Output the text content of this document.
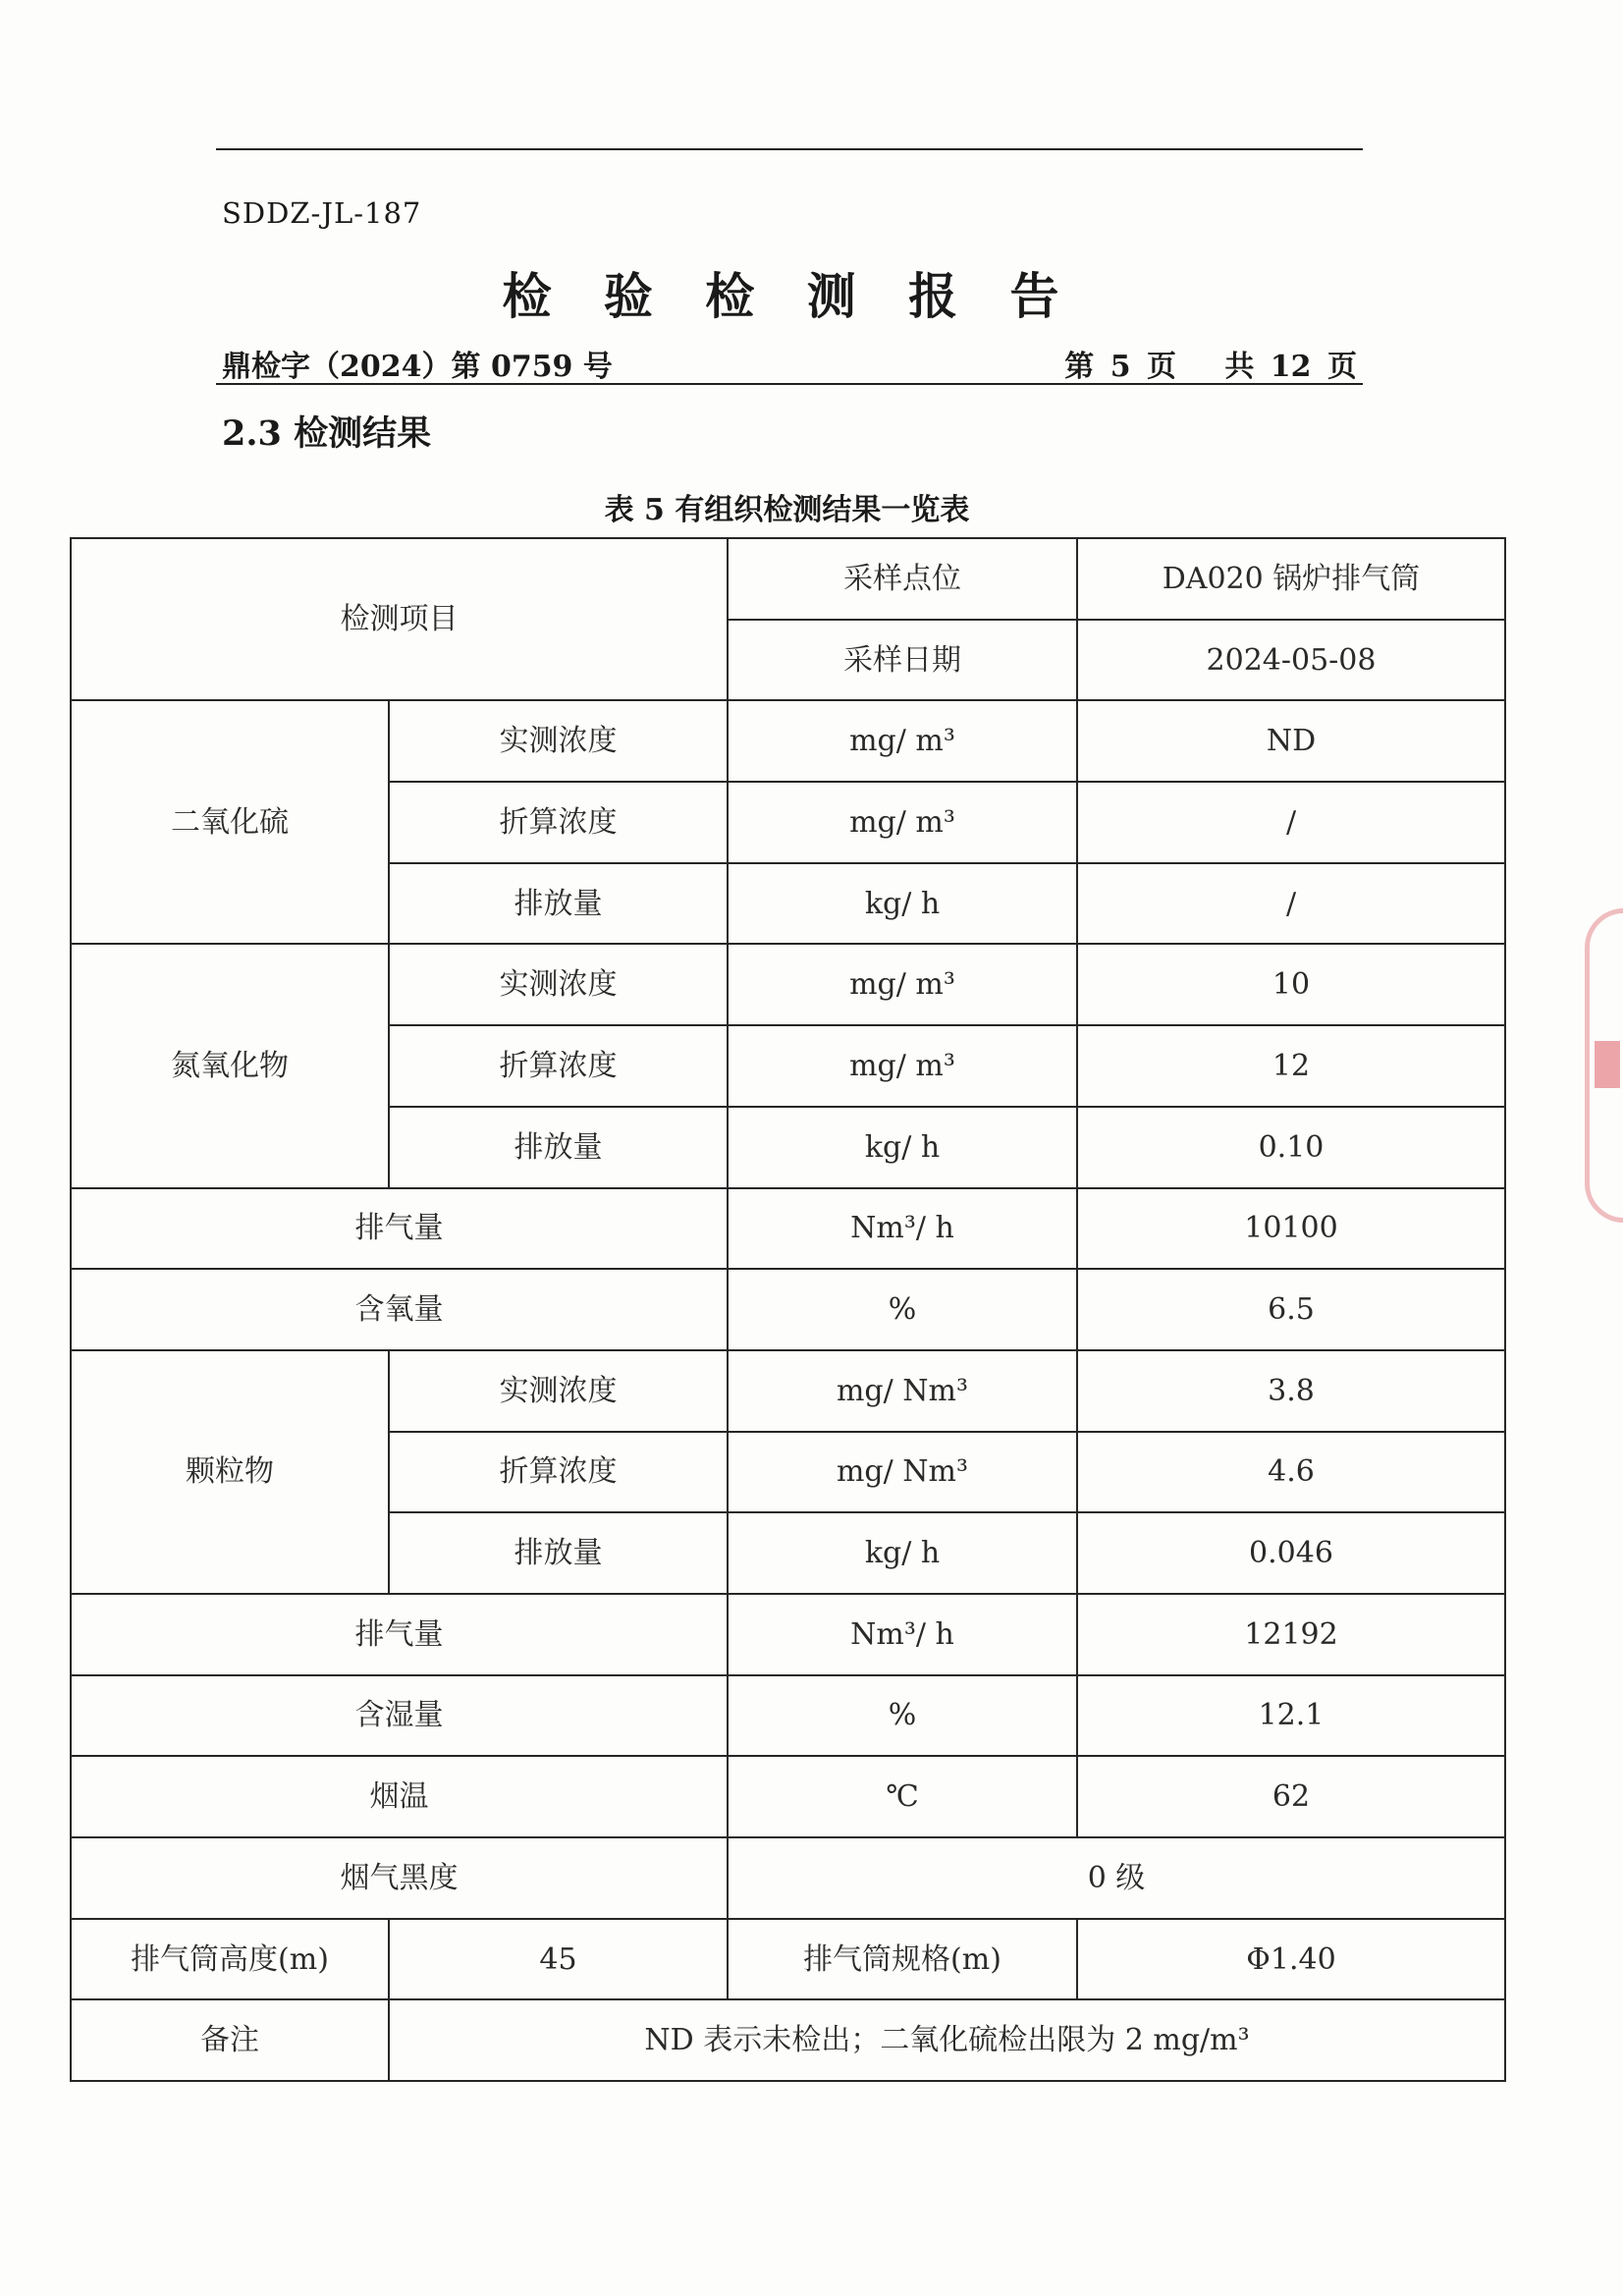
SDDZ-JL-187
检 验 检 测 报 告
鼎检字（2024）第 0759 号	第 5 页   共 12 页
2.3 检测结果
表 5 有组织检测结果一览表
检测项目		采样点位	DA020 锅炉排气筒
		采样日期	2024-05-08
二氧化硫	实测浓度	mg/ m³	ND
	折算浓度	mg/ m³	/
	排放量	kg/ h	/
氮氧化物	实测浓度	mg/ m³	10
	折算浓度	mg/ m³	12
	排放量	kg/ h	0.10
排气量		Nm³/ h	10100
含氧量		%	6.5
颗粒物	实测浓度	mg/ Nm³	3.8
	折算浓度	mg/ Nm³	4.6
	排放量	kg/ h	0.046
排气量		Nm³/ h	12192
含湿量		%	12.1
烟温		℃	62
烟气黑度		0 级	
排气筒高度(m)	45	排气筒规格(m)	Φ1.40
备注	ND 表示未检出；二氧化硫检出限为 2 mg/m³		
